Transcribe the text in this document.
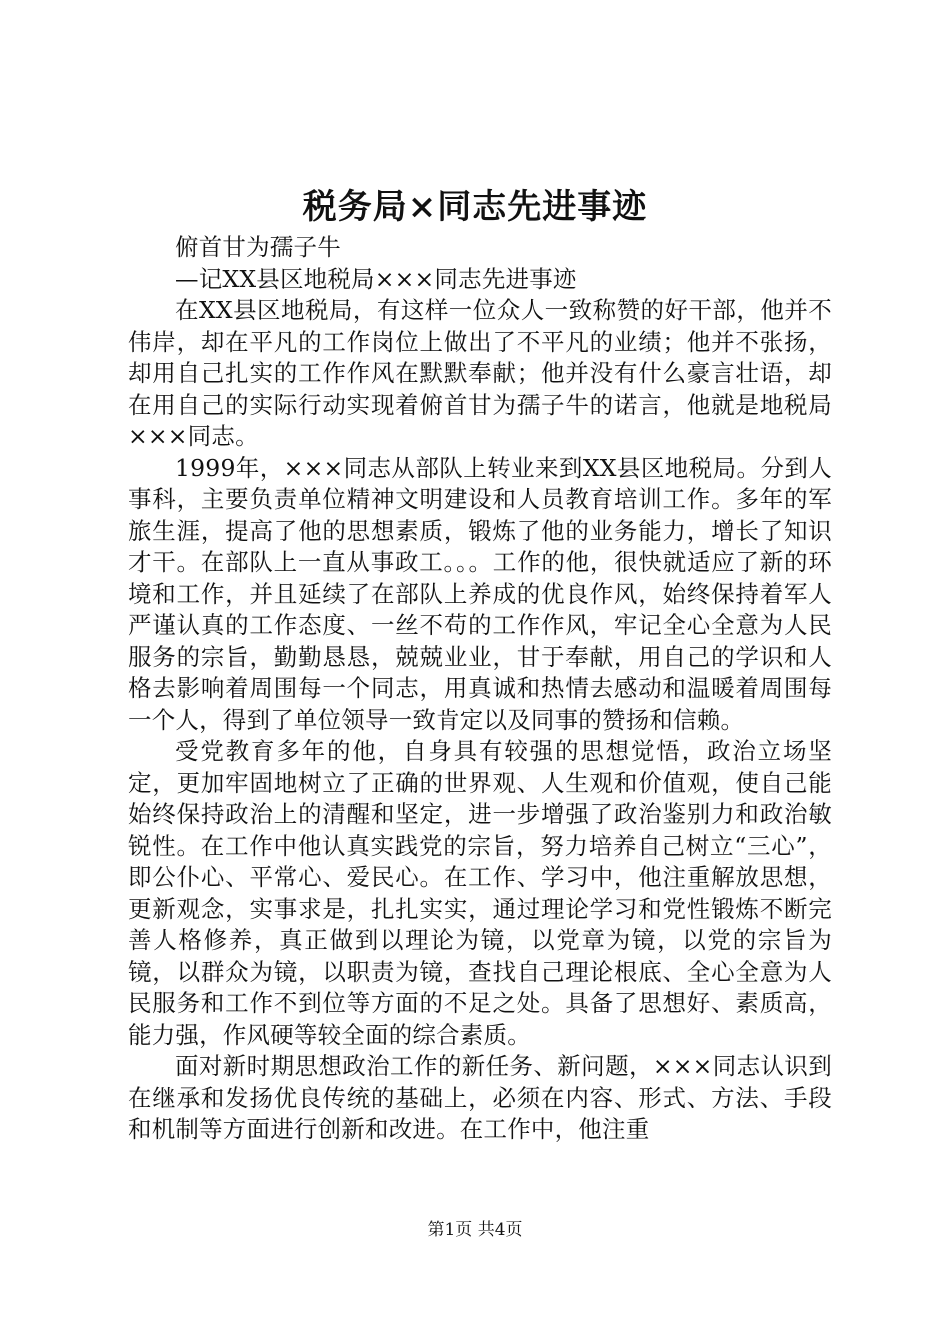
税务局×同志先进事迹

俯首甘为孺子牛

—记XX县区地税局×××同志先进事迹

在XX县区地税局，有这样一位众人一致称赞的好干部，他并不伟岸，却在平凡的工作岗位上做出了不平凡的业绩；他并不张扬，却用自己扎实的工作作风在默默奉献；他并没有什么豪言壮语，却在用自己的实际行动实现着俯首甘为孺子牛的诺言，他就是地税局×××同志。

1999年，×××同志从部队上转业来到XX县区地税局。分到人事科，主要负责单位精神文明建设和人员教育培训工作。多年的军旅生涯，提高了他的思想素质，锻炼了他的业务能力，增长了知识才干。在部队上一直从事政工。。。工作的他，很快就适应了新的环境和工作，并且延续了在部队上养成的优良作风，始终保持着军人严谨认真的工作态度、一丝不苟的工作作风，牢记全心全意为人民服务的宗旨，勤勤恳恳，兢兢业业，甘于奉献，用自己的学识和人格去影响着周围每一个同志，用真诚和热情去感动和温暖着周围每一个人，得到了单位领导一致肯定以及同事的赞扬和信赖。

受党教育多年的他，自身具有较强的思想觉悟，政治立场坚定，更加牢固地树立了正确的世界观、人生观和价值观，使自己能始终保持政治上的清醒和坚定，进一步增强了政治鉴别力和政治敏锐性。在工作中他认真实践党的宗旨，努力培养自己树立“三心”，即公仆心、平常心、爱民心。在工作、学习中，他注重解放思想，更新观念，实事求是，扎扎实实，通过理论学习和党性锻炼不断完善人格修养，真正做到以理论为镜，以党章为镜，以党的宗旨为镜，以群众为镜，以职责为镜，查找自己理论根底、全心全意为人民服务和工作不到位等方面的不足之处。具备了思想好、素质高，能力强，作风硬等较全面的综合素质。

面对新时期思想政治工作的新任务、新问题，×××同志认识到在继承和发扬优良传统的基础上，必须在内容、形式、方法、手段和机制等方面进行创新和改进。在工作中，他注重

第1页 共4页
